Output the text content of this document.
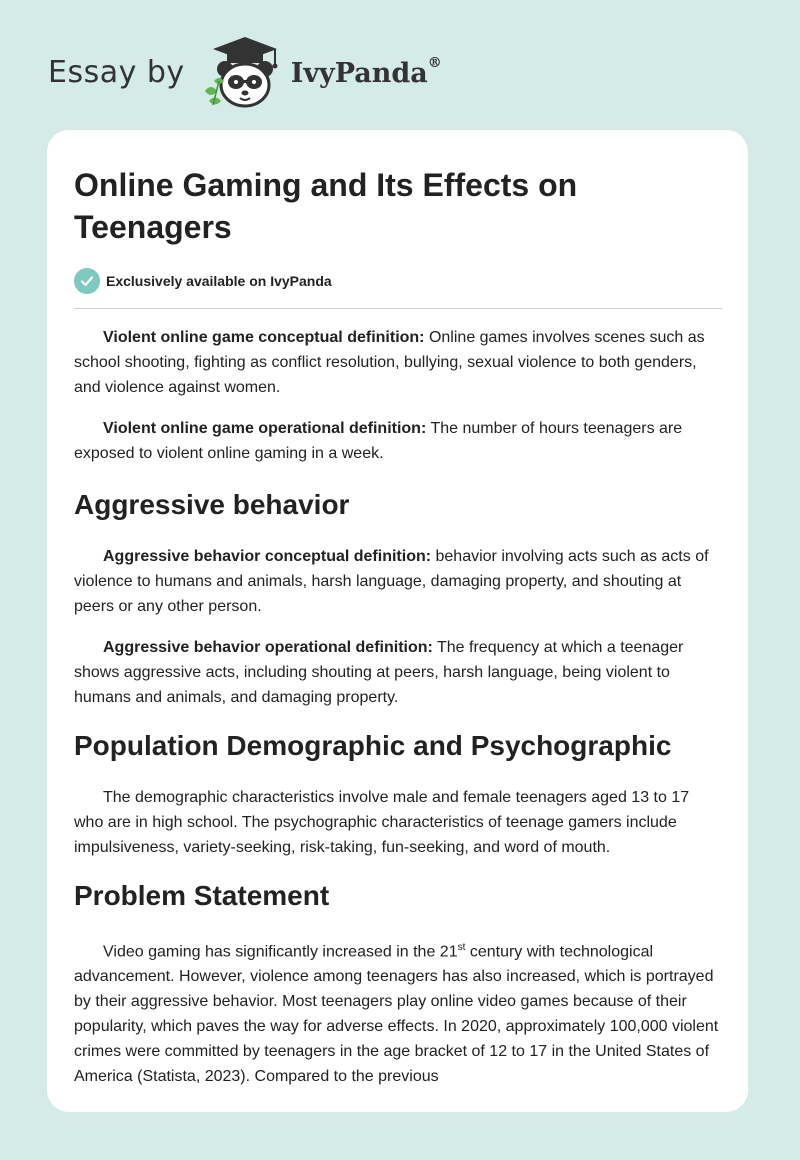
Essay by	IvyPanda®
Online Gaming and Its Effects on Teenagers
Exclusively available on IvyPanda

Violent online game conceptual definition: Online games involves scenes such as school shooting, fighting as conflict resolution, bullying, sexual violence to both genders, and violence against women.

Violent online game operational definition: The number of hours teenagers are exposed to violent online gaming in a week.

Aggressive behavior

Aggressive behavior conceptual definition: behavior involving acts such as acts of violence to humans and animals, harsh language, damaging property, and shouting at peers or any other person.

Aggressive behavior operational definition: The frequency at which a teenager shows aggressive acts, including shouting at peers, harsh language, being violent to humans and animals, and damaging property.

Population Demographic and Psychographic

The demographic characteristics involve male and female teenagers aged 13 to 17 who are in high school. The psychographic characteristics of teenage gamers include impulsiveness, variety-seeking, risk-taking, fun-seeking, and word of mouth.

Problem Statement

Video gaming has significantly increased in the 21st century with technological advancement. However, violence among teenagers has also increased, which is portrayed by their aggressive behavior. Most teenagers play online video games because of their popularity, which paves the way for adverse effects. In 2020, approximately 100,000 violent crimes were committed by teenagers in the age bracket of 12 to 17 in the United States of America (Statista, 2023). Compared to the previous
